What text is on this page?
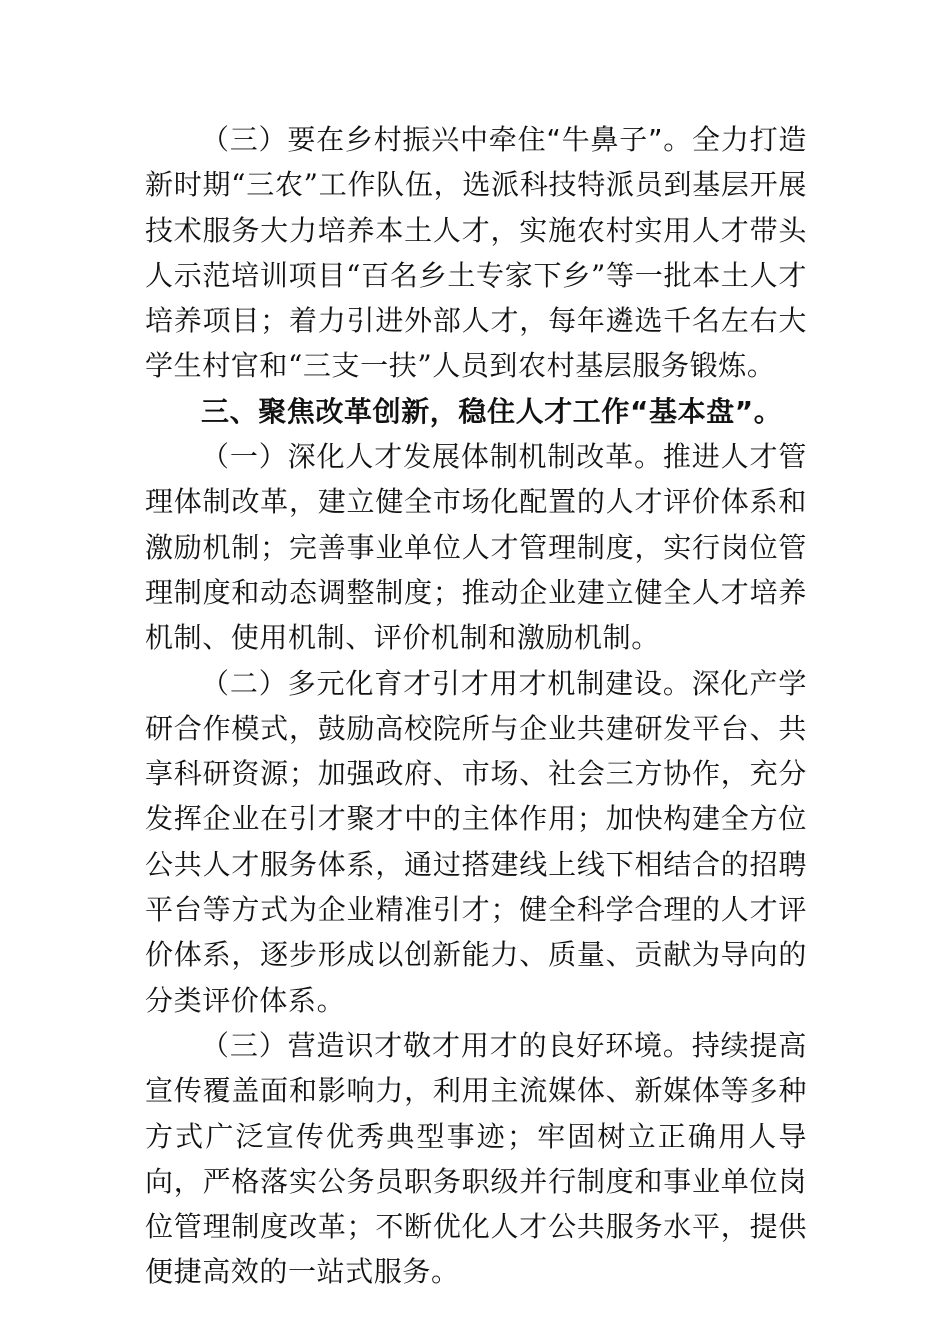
（三）要在乡村振兴中牵住“牛鼻子”。全力打造新时期“三农”工作队伍，选派科技特派员到基层开展技术服务大力培养本土人才，实施农村实用人才带头人示范培训项目“百名乡土专家下乡”等一批本土人才培养项目；着力引进外部人才，每年遴选千名左右大学生村官和“三支一扶”人员到农村基层服务锻炼。

三、聚焦改革创新，稳住人才工作“基本盘”。

（一）深化人才发展体制机制改革。推进人才管理体制改革，建立健全市场化配置的人才评价体系和激励机制；完善事业单位人才管理制度，实行岗位管理制度和动态调整制度；推动企业建立健全人才培养机制、使用机制、评价机制和激励机制。

（二）多元化育才引才用才机制建设。深化产学研合作模式，鼓励高校院所与企业共建研发平台、共享科研资源；加强政府、市场、社会三方协作，充分发挥企业在引才聚才中的主体作用；加快构建全方位公共人才服务体系，通过搭建线上线下相结合的招聘平台等方式为企业精准引才；健全科学合理的人才评价体系，逐步形成以创新能力、质量、贡献为导向的分类评价体系。

（三）营造识才敬才用才的良好环境。持续提高宣传覆盖面和影响力，利用主流媒体、新媒体等多种方式广泛宣传优秀典型事迹；牢固树立正确用人导向，严格落实公务员职务职级并行制度和事业单位岗位管理制度改革；不断优化人才公共服务水平，提供便捷高效的一站式服务。
